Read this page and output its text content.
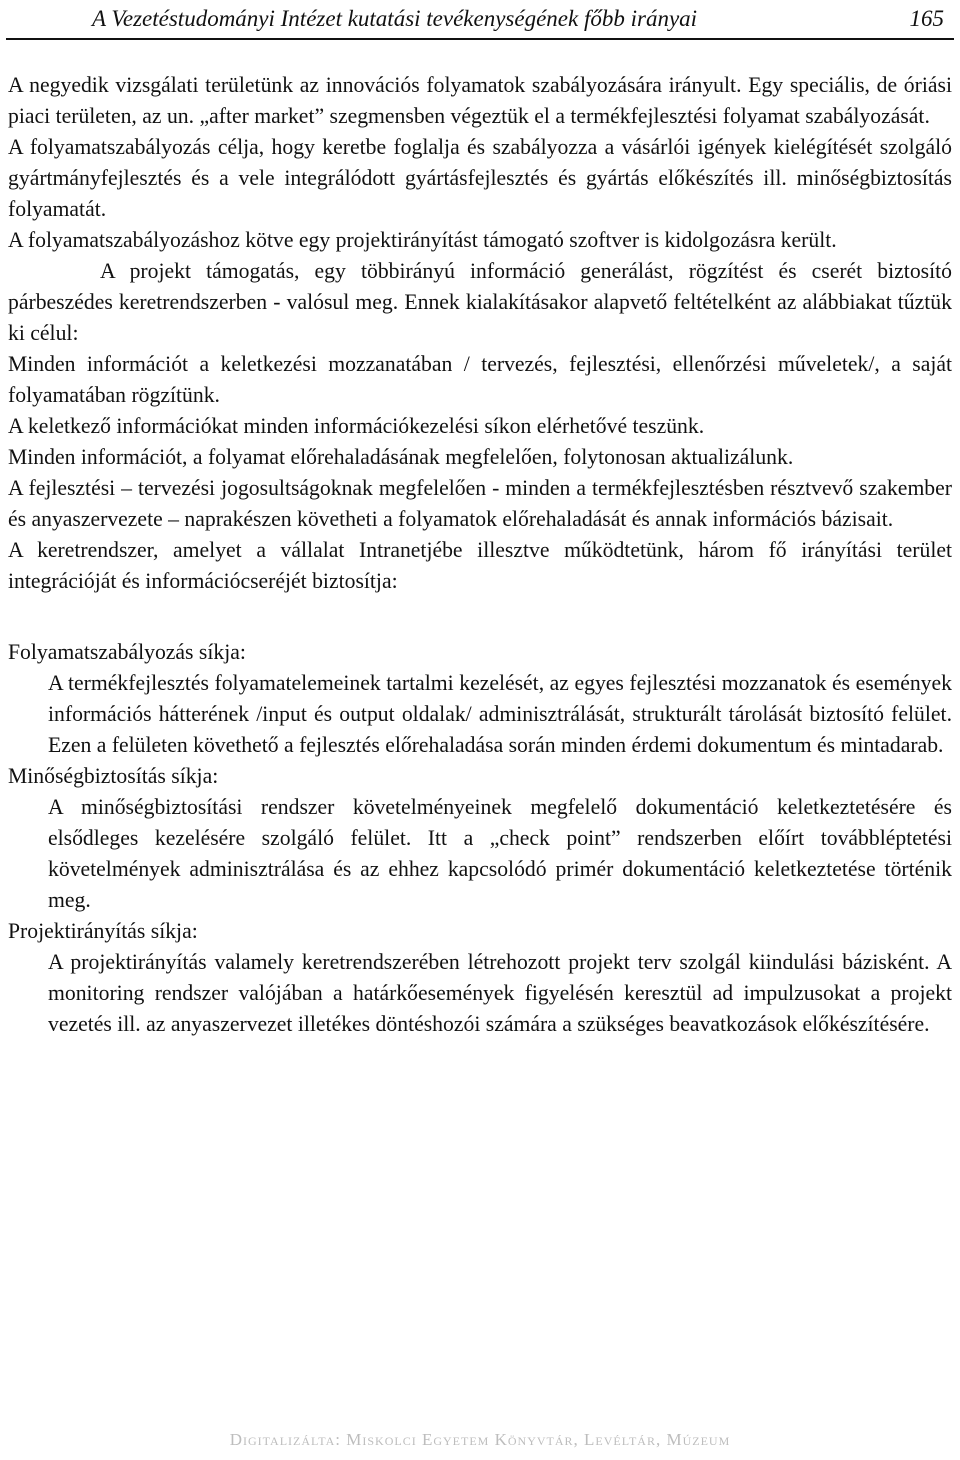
A Vezetéstudományi Intézet kutatási tevékenységének főbb irányai	165

A negyedik vizsgálati területünk az innovációs folyamatok szabályozására irányult. Egy speciális, de óriási piaci területen, az un. „after market” szegmensben végeztük el a termékfejlesztési folyamat szabályozását.

A folyamatszabályozás célja, hogy keretbe foglalja és szabályozza a vásárlói igények kielégítését szolgáló gyártmányfejlesztés és a vele integrálódott gyártásfejlesztés és gyártás előkészítés ill. minőségbiztosítás folyamatát.

A folyamatszabályozáshoz kötve egy projektirányítást támogató szoftver is kidolgozásra került.

A projekt támogatás, egy többirányú információ generálást, rögzítést és cserét biztosító párbeszédes keretrendszerben - valósul meg. Ennek kialakításakor alapvető feltételként az alábbiakat tűztük ki célul:

Minden információt a keletkezési mozzanatában / tervezés, fejlesztési, ellenőrzési műveletek/, a saját folyamatában rögzítünk.

A keletkező információkat minden információkezelési síkon elérhetővé teszünk.

Minden információt, a folyamat előrehaladásának megfelelően, folytonosan aktualizálunk.

A fejlesztési – tervezési jogosultságoknak megfelelően - minden a termékfejlesztésben résztvevő szakember és anyaszervezete – naprakészen követheti a folyamatok előrehaladását és annak információs bázisait.

A keretrendszer, amelyet a vállalat Intranetjébe illesztve működtetünk, három fő irányítási terület integrációját és információcseréjét biztosítja:

Folyamatszabályozás síkja:

A termékfejlesztés folyamatelemeinek tartalmi kezelését, az egyes fejlesztési mozzanatok és események információs hátterének /input és output oldalak/ adminisztrálását, strukturált tárolását biztosító felület. Ezen a felületen követhető a fejlesztés előrehaladása során minden érdemi dokumentum és mintadarab.

Minőségbiztosítás síkja:

A minőségbiztosítási rendszer követelményeinek megfelelő dokumentáció keletkeztetésére és elsődleges kezelésére szolgáló felület. Itt a „check point” rendszerben előírt továbbléptetési követelmények adminisztrálása és az ehhez kapcsolódó primér dokumentáció keletkeztetése történik meg.

Projektirányítás síkja:

A projektirányítás valamely keretrendszerében létrehozott projekt terv szolgál kiindulási bázisként. A monitoring rendszer valójában a határkőesemények figyelésén keresztül ad impulzusokat a projekt vezetés ill. az anyaszervezet illetékes döntéshozói számára a szükséges beavatkozások előkészítésére.

Digitalizálta: Miskolci Egyetem Könyvtár, Levéltár, Múzeum
